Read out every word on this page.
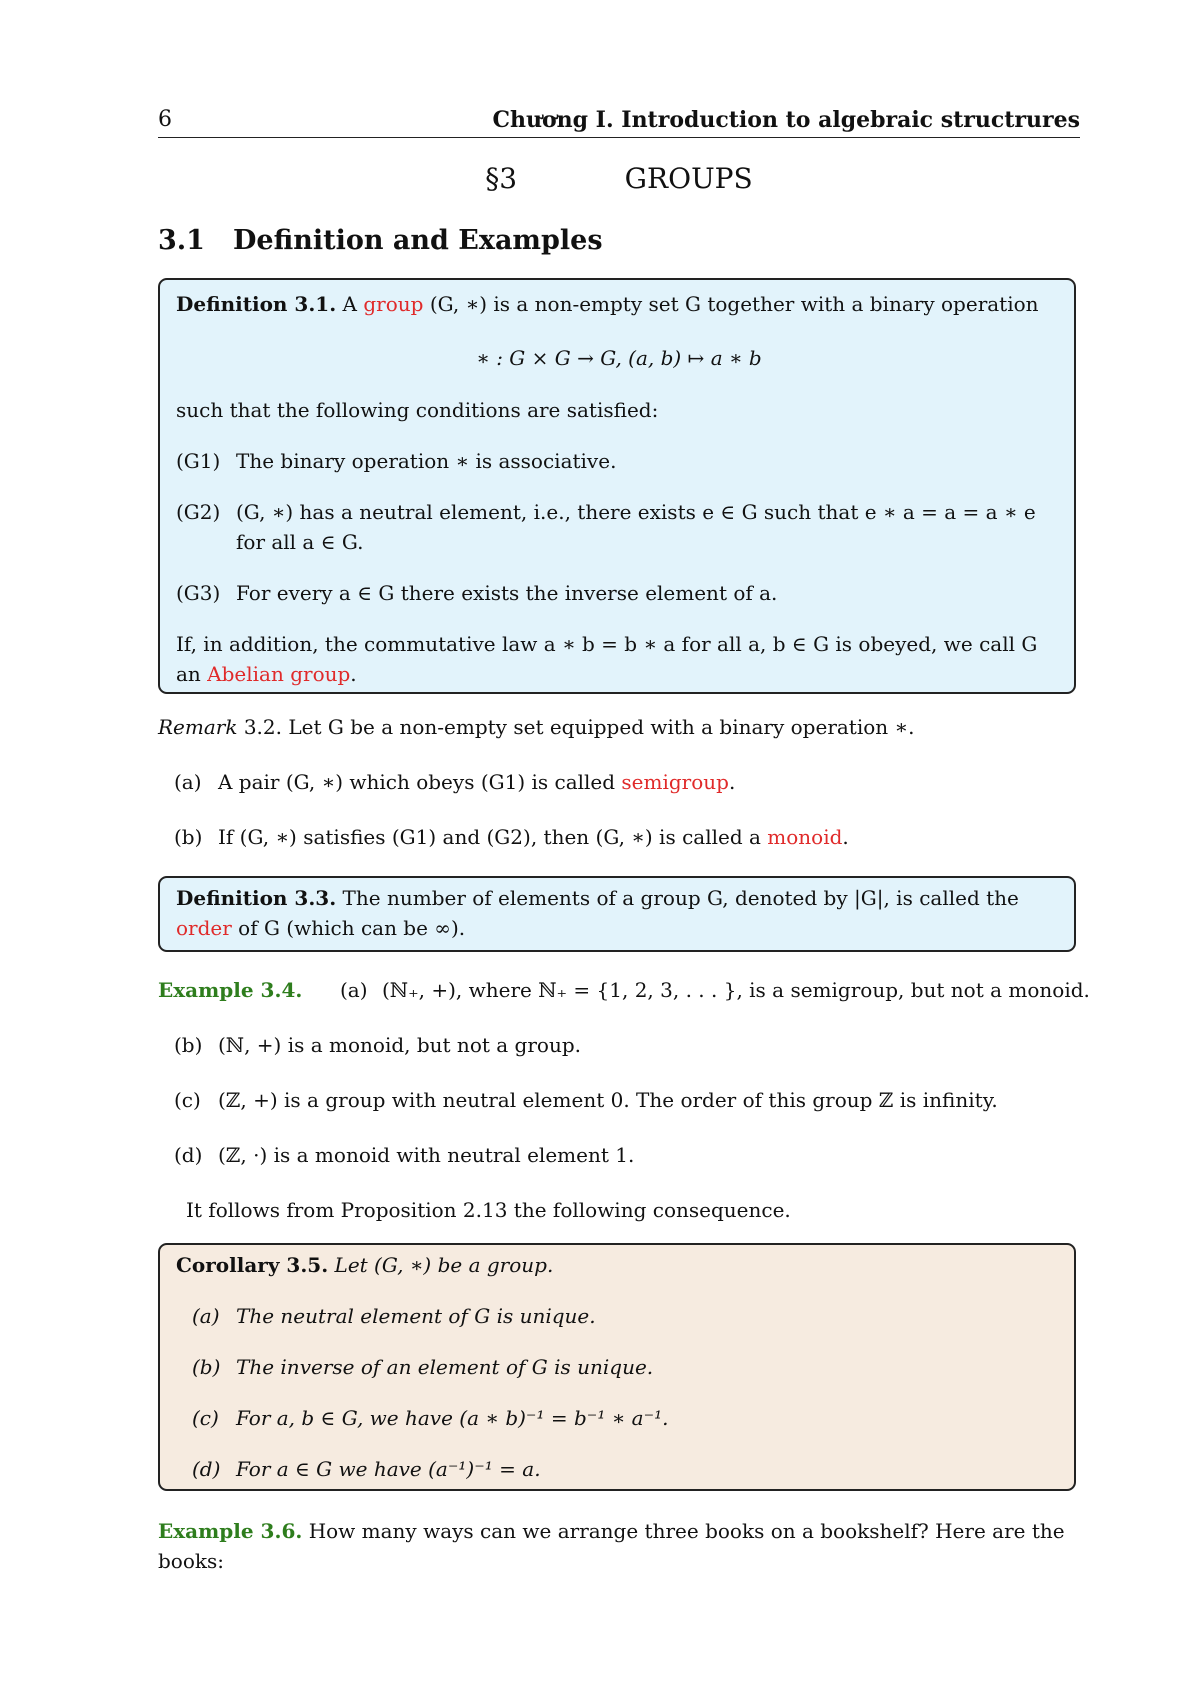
6	Chương I. Introduction to algebraic structrures
§3    GROUPS
3.1 Definition and Examples
Definition 3.1. A group (G, ∗) is a non-empty set G together with a binary operation
∗ : G × G → G, (a, b) ↦ a ∗ b
such that the following conditions are satisfied:
(G1) The binary operation ∗ is associative.
(G2) (G, ∗) has a neutral element, i.e., there exists e ∈ G such that e ∗ a = a = a ∗ e
for all a ∈ G.
(G3) For every a ∈ G there exists the inverse element of a.
If, in addition, the commutative law a ∗ b = b ∗ a for all a, b ∈ G is obeyed, we call G
an Abelian group.
Remark 3.2. Let G be a non-empty set equipped with a binary operation ∗.
(a) A pair (G, ∗) which obeys (G1) is called semigroup.
(b) If (G, ∗) satisfies (G1) and (G2), then (G, ∗) is called a monoid.
Definition 3.3. The number of elements of a group G, denoted by |G|, is called the
order of G (which can be ∞).
Example 3.4. (a) (ℕ₊, +), where ℕ₊ = {1, 2, 3, . . . }, is a semigroup, but not a monoid.
(b) (ℕ, +) is a monoid, but not a group.
(c) (ℤ, +) is a group with neutral element 0. The order of this group ℤ is infinity.
(d) (ℤ, ·) is a monoid with neutral element 1.
It follows from Proposition 2.13 the following consequence.
Corollary 3.5. Let (G, ∗) be a group.
(a) The neutral element of G is unique.
(b) The inverse of an element of G is unique.
(c) For a, b ∈ G, we have (a ∗ b)⁻¹ = b⁻¹ ∗ a⁻¹.
(d) For a ∈ G we have (a⁻¹)⁻¹ = a.
Example 3.6. How many ways can we arrange three books on a bookshelf? Here are the
books:
